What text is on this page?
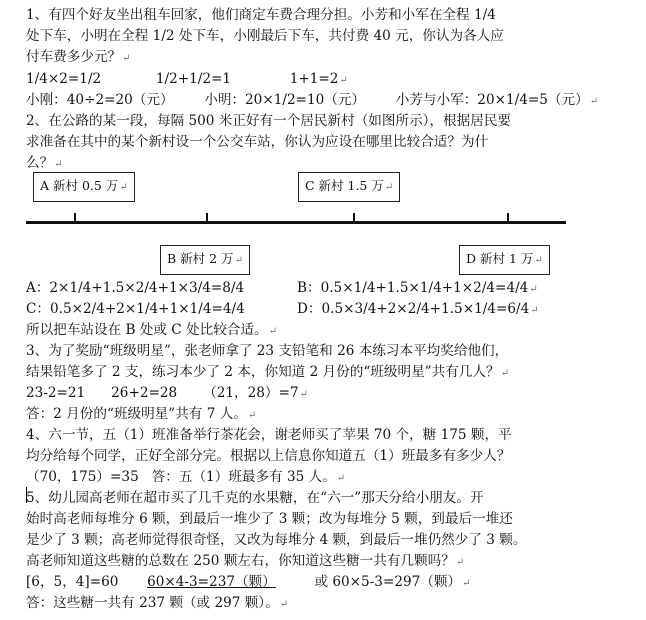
1、有四个好友坐出租车回家，他们商定车费合理分担。小芳和小军在全程 1/4
处下车，小明在全程 1/2 处下车，小刚最后下车，共付费 40 元，你认为各人应
付车费多少元？↵
1/4×2=1/2	1/2+1/2=1	1+1=2↵
小刚：40÷2=20（元） 小明：20×1/2=10（元） 小芳与小军：20×1/4=5（元）↵
2、在公路的某一段，每隔 500 米正好有一个居民新村（如图所示），根据居民要
求准备在其中的某个新村设一个公交车站，你认为应设在哪里比较合适？为什
么？↵
A 新村 0.5 万↵	C 新村 1.5 万↵
B 新村 2 万↵	D 新村 1 万↵
A：2×1/4+1.5×2/4+1×3/4=8/4	B：0.5×1/4+1.5×1/4+1×2/4=4/4↵
C：0.5×2/4+2×1/4+1×1/4=4/4	D：0.5×3/4+2×2/4+1.5×1/4=6/4↵
所以把车站设在 B 处或 C 处比较合适。↵
3、为了奖励“班级明星”，张老师拿了 23 支铅笔和 26 本练习本平均奖给他们，
结果铅笔多了 2 支，练习本少了 2 本，你知道 2 月份的“班级明星”共有几人？↵
23-2=21      26+2=28      （21，28）=7↵
答：2 月份的“班级明星”共有 7 人。↵
4、六一节，五（1）班准备举行茶花会，谢老师买了苹果 70 个，糖 175 颗，平
均分给每个同学，正好全部分完。根据以上信息你知道五（1）班最多有多少人？
（70，175）=35   答：五（1）班最多有 35 人。↵
5、幼儿园高老师在超市买了几千克的水果糖，在“六一”那天分给小朋友。开
始时高老师每堆分 6 颗，到最后一堆少了 3 颗；改为每堆分 5 颗，到最后一堆还
是少了 3 颗；高老师觉得很奇怪，又改为每堆分 4 颗，到最后一堆仍然少了 3 颗。
高老师知道这些糖的总数在 250 颗左右，你知道这些糖一共有几颗吗？↵
[6，5，4]=60 60×4-3=237（颗）	或 60×5-3=297（颗）↵
答：这些糖一共有 237 颗（或 297 颗）。↵
